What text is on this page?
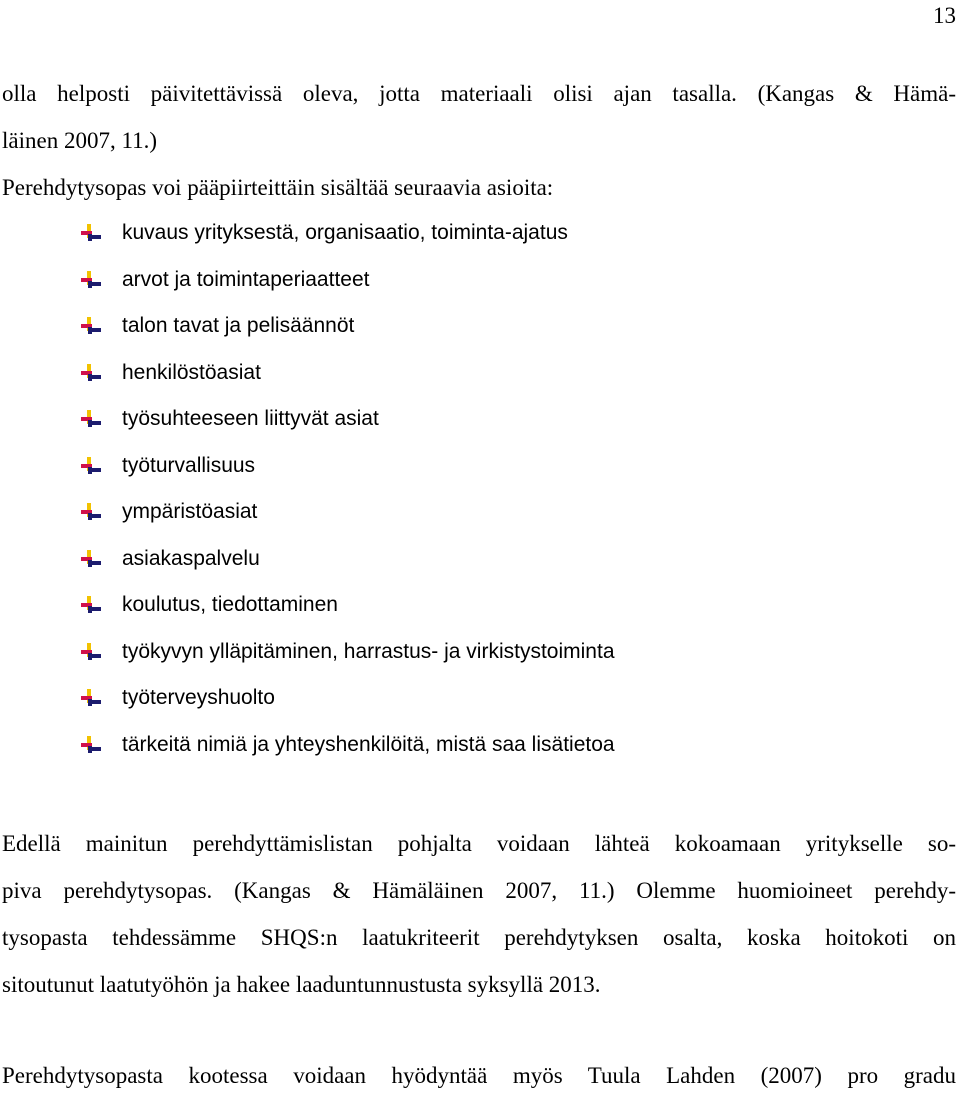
13
olla helposti päivitettävissä oleva, jotta materiaali olisi ajan tasalla. (Kangas & Hämä-
läinen 2007, 11.)
Perehdytysopas voi pääpiirteittäin sisältää seuraavia asioita:
kuvaus yrityksestä, organisaatio, toiminta-ajatus
arvot ja toimintaperiaatteet
talon tavat ja pelisäännöt
henkilöstöasiat
työsuhteeseen liittyvät asiat
työturvallisuus
ympäristöasiat
asiakaspalvelu
koulutus, tiedottaminen
työkyvyn ylläpitäminen, harrastus- ja virkistystoiminta
työterveyshuolto
tärkeitä nimiä ja yhteyshenkilöitä, mistä saa lisätietoa
Edellä mainitun perehdyttämislistan pohjalta voidaan lähteä kokoamaan yritykselle so-
piva perehdytysopas. (Kangas & Hämäläinen 2007, 11.) Olemme huomioineet perehdy-
tysopasta tehdessämme SHQS:n laatukriteerit perehdytyksen osalta, koska hoitokoti on
sitoutunut laatutyöhön ja hakee laaduntunnustusta syksyllä 2013.
Perehdytysopasta kootessa voidaan hyödyntää myös Tuula Lahden (2007) pro gradu
